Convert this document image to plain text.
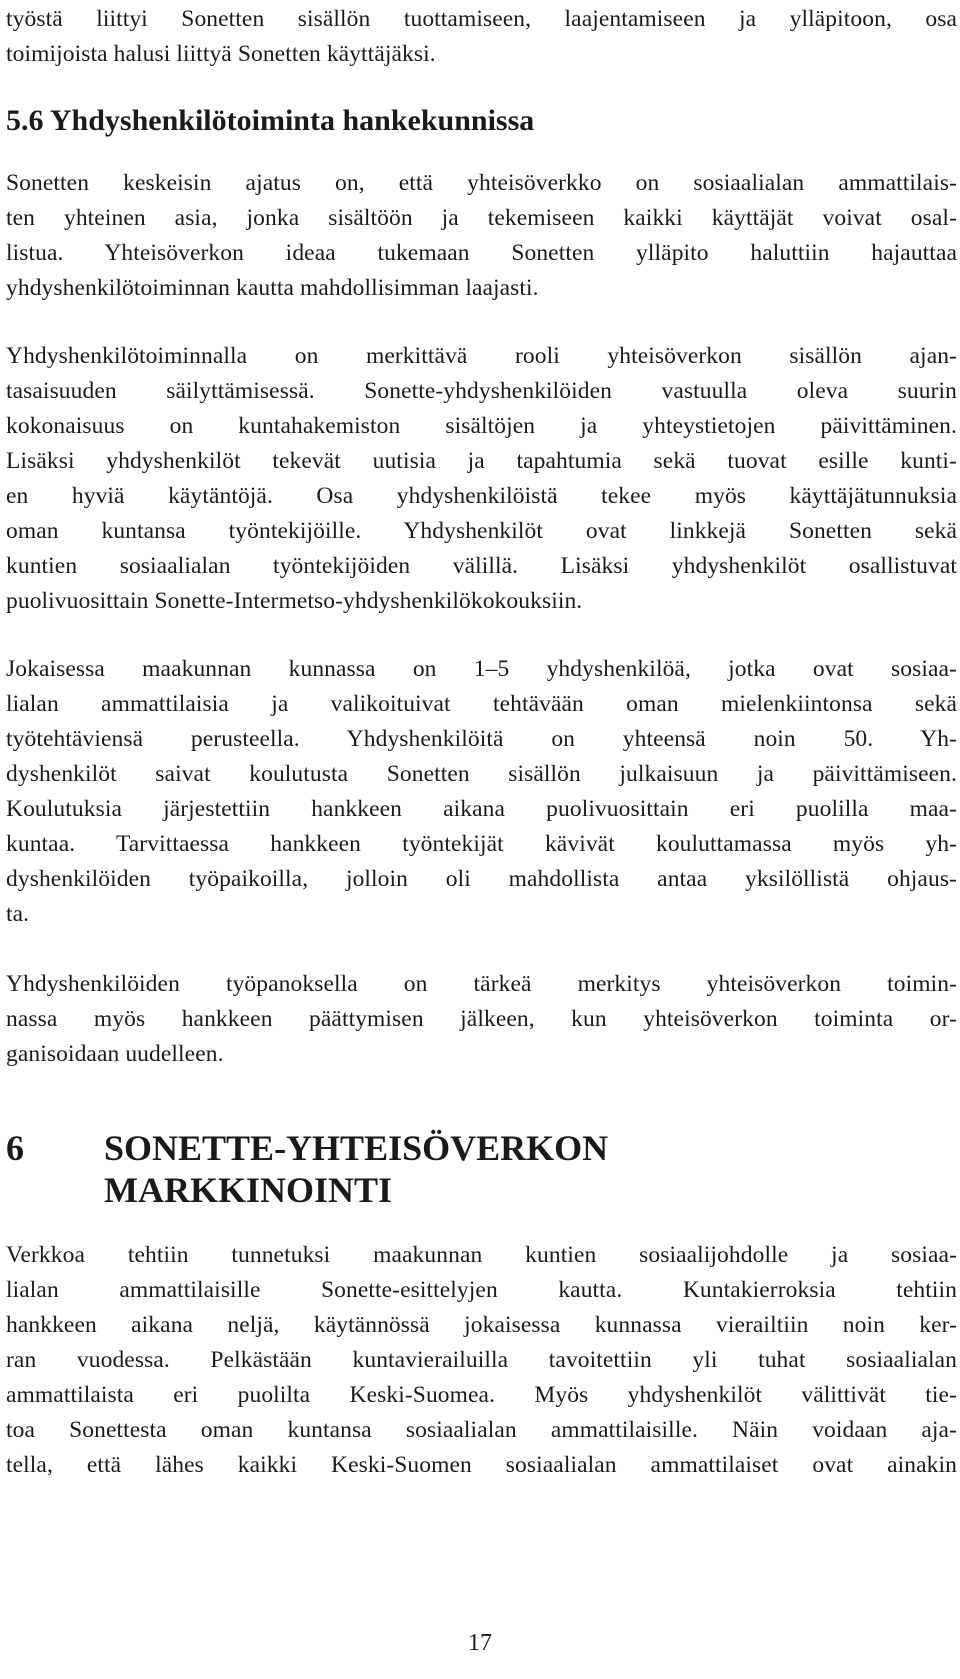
työstä liittyi Sonetten sisällön tuottamiseen, laajentamiseen ja ylläpitoon, osa
toimijoista halusi liittyä Sonetten käyttäjäksi.
5.6 Yhdyshenkilötoiminta hankekunnissa
Sonetten keskeisin ajatus on, että yhteisöverkko on sosiaalialan ammattilais-
ten yhteinen asia, jonka sisältöön ja tekemiseen kaikki käyttäjät voivat osal-
listua. Yhteisöverkon ideaa tukemaan Sonetten ylläpito haluttiin hajauttaa
yhdyshenkilötoiminnan kautta mahdollisimman laajasti.
Yhdyshenkilötoiminnalla on merkittävä rooli yhteisöverkon sisällön ajan-
tasaisuuden säilyttämisessä. Sonette-yhdyshenkilöiden vastuulla oleva suurin
kokonaisuus on kuntahakemiston sisältöjen ja yhteystietojen päivittäminen.
Lisäksi yhdyshenkilöt tekevät uutisia ja tapahtumia sekä tuovat esille kunti-
en hyviä käytäntöjä. Osa yhdyshenkilöistä tekee myös käyttäjätunnuksia
oman kuntansa työntekijöille. Yhdyshenkilöt ovat linkkejä Sonetten sekä
kuntien sosiaalialan työntekijöiden välillä. Lisäksi yhdyshenkilöt osallistuvat
puolivuosittain Sonette-Intermetso-yhdyshenkilökokouksiin.
Jokaisessa maakunnan kunnassa on 1–5 yhdyshenkilöä, jotka ovat sosiaa-
lialan ammattilaisia ja valikoituivat tehtävään oman mielenkiintonsa sekä
työtehtäviensä perusteella. Yhdyshenkilöitä on yhteensä noin 50. Yh-
dyshenkilöt saivat koulutusta Sonetten sisällön julkaisuun ja päivittämiseen.
Koulutuksia järjestettiin hankkeen aikana puolivuosittain eri puolilla maa-
kuntaa. Tarvittaessa hankkeen työntekijät kävivät kouluttamassa myös yh-
dyshenkilöiden työpaikoilla, jolloin oli mahdollista antaa yksilöllistä ohjaus-
ta.
Yhdyshenkilöiden työpanoksella on tärkeä merkitys yhteisöverkon toimin-
nassa myös hankkeen päättymisen jälkeen, kun yhteisöverkon toiminta or-
ganisoidaan uudelleen.
6 SONETTE-YHTEISÖVERKON
MARKKINOINTI
Verkkoa tehtiin tunnetuksi maakunnan kuntien sosiaalijohdolle ja sosiaa-
lialan ammattilaisille Sonette-esittelyjen kautta. Kuntakierroksia tehtiin
hankkeen aikana neljä, käytännössä jokaisessa kunnassa vierailtiin noin ker-
ran vuodessa. Pelkästään kuntavierailuilla tavoitettiin yli tuhat sosiaalialan
ammattilaista eri puolilta Keski-Suomea. Myös yhdyshenkilöt välittivät tie-
toa Sonettesta oman kuntansa sosiaalialan ammattilaisille. Näin voidaan aja-
tella, että lähes kaikki Keski-Suomen sosiaalialan ammattilaiset ovat ainakin
17
